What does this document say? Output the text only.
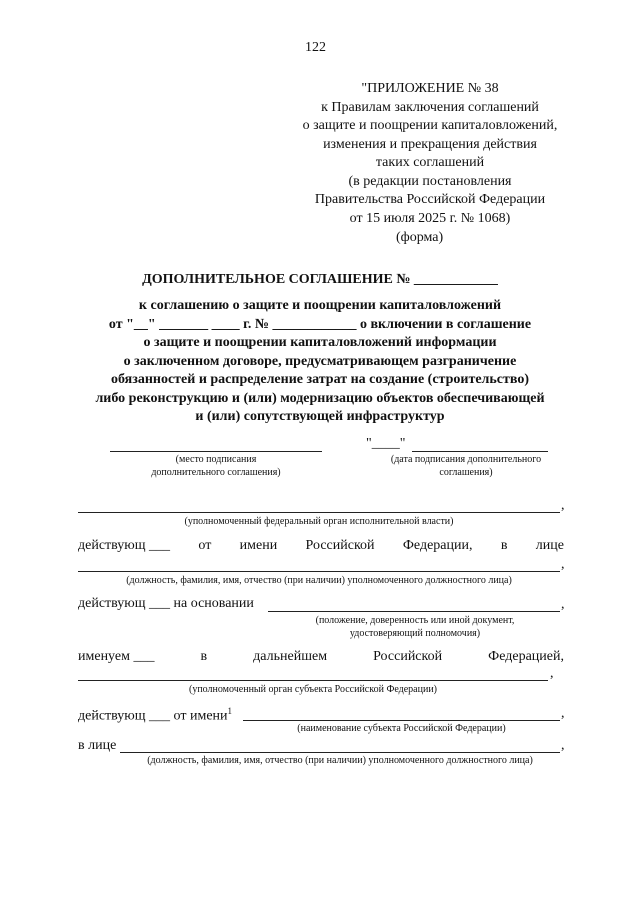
122
"ПРИЛОЖЕНИЕ № 38
к Правилам заключения соглашений
о защите и поощрении капиталовложений,
изменения и прекращения действия
таких соглашений
(в редакции постановления
Правительства Российской Федерации
от 15 июля 2025 г. № 1068)
(форма)
ДОПОЛНИТЕЛЬНОЕ СОГЛАШЕНИЕ № ____________
к соглашению о защите и поощрении капиталовложений
от "__" _______ ____ г. № ____________ о включении в соглашение
о защите и поощрении капиталовложений информации
о заключенном договоре, предусматривающем разграничение
обязанностей и распределение затрат на создание (строительство)
либо реконструкцию и (или) модернизацию объектов обеспечивающей
и (или) сопутствующей инфраструктур
(место подписания
дополнительного соглашения)
"____"
(дата подписания дополнительного
соглашения)
,
(уполномоченный федеральный орган исполнительной власти)
действующ ___ от имени Российской Федерации, в лице
,
(должность, фамилия, имя, отчество (при наличии) уполномоченного должностного лица)
действующ ___ на основании	,
(положение, доверенность или иной документ,
удостоверяющий полномочия)
именуем ___	в	дальнейшем	Российской	Федерацией,
,
(уполномоченный орган субъекта Российской Федерации)
действующ ___ от имени$^1$	,
(наименование субъекта Российской Федерации)
в лице	,
(должность, фамилия, имя, отчество (при наличии) уполномоченного должностного лица)
